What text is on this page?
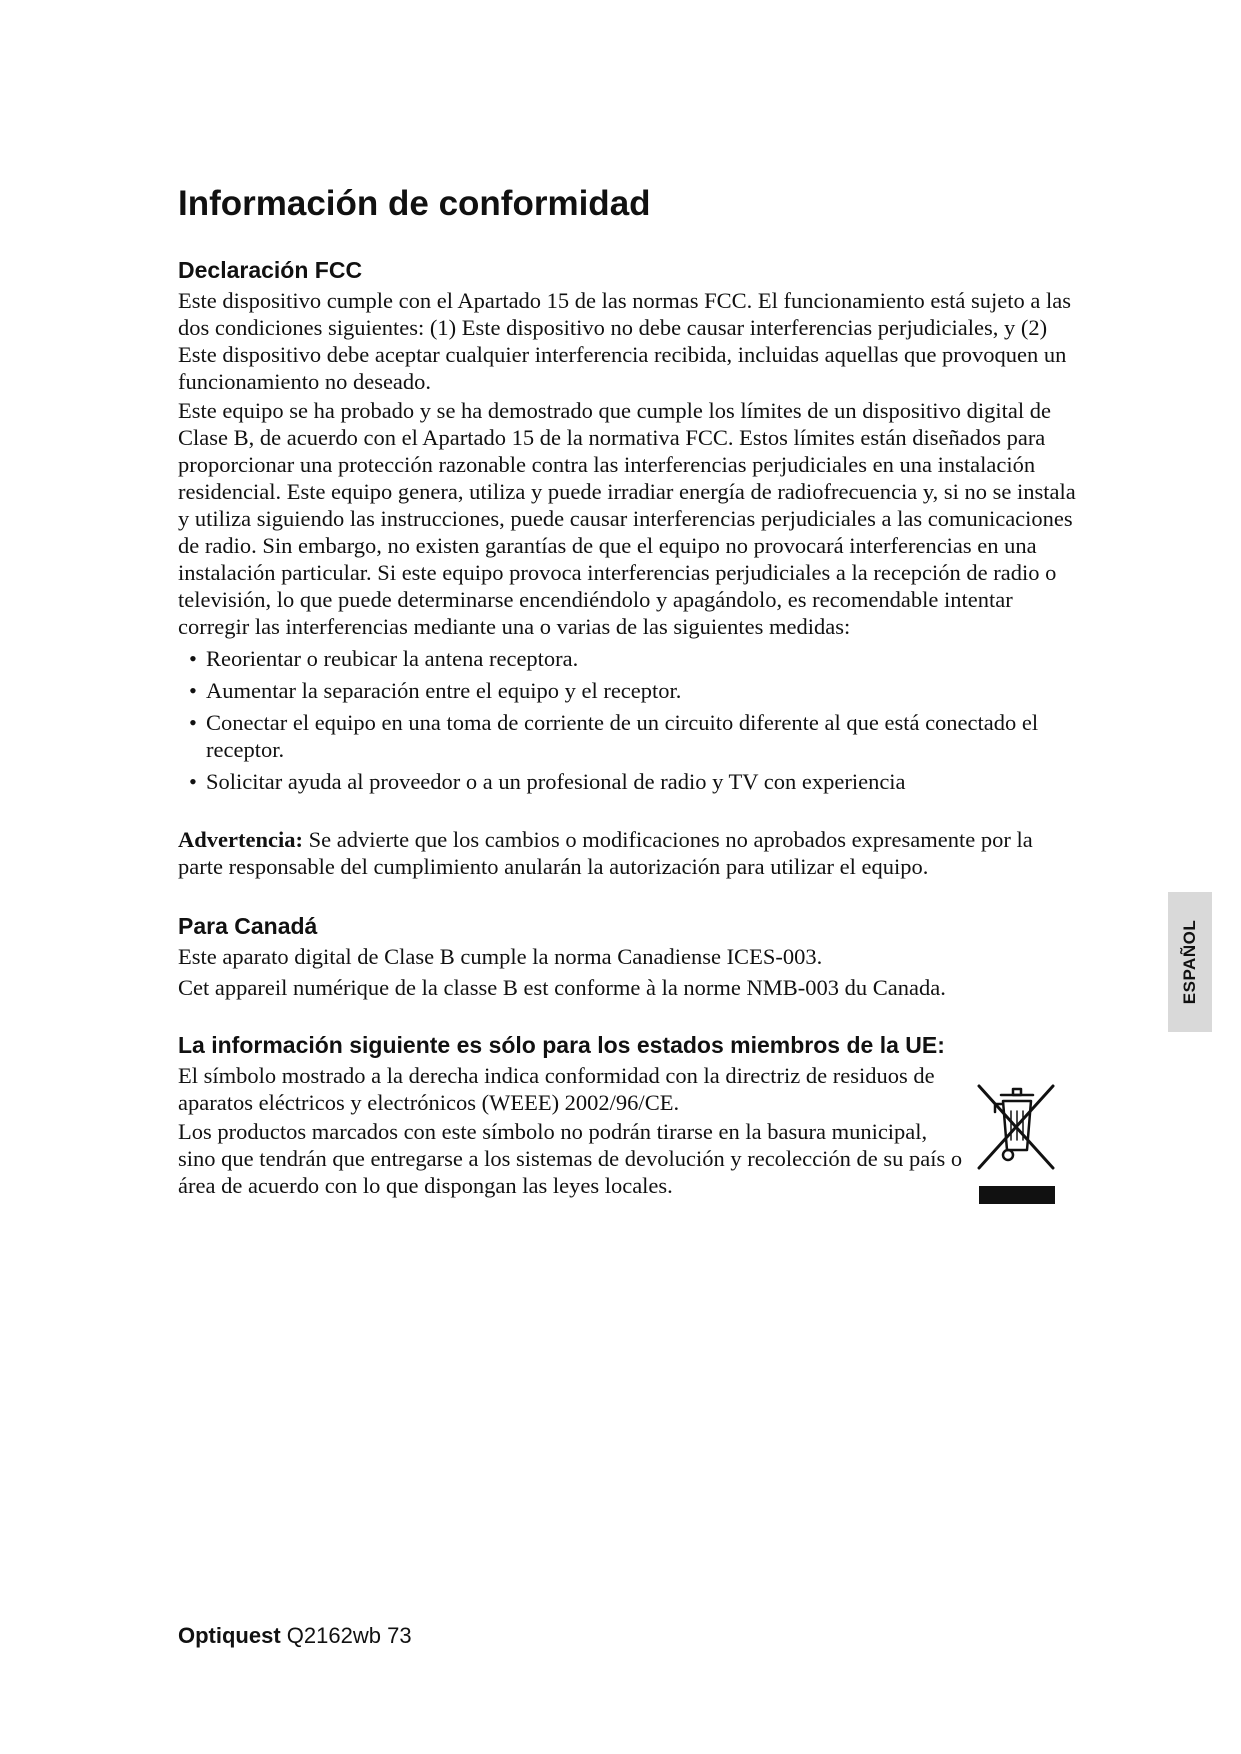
Información de conformidad
Declaración FCC

Este dispositivo cumple con el Apartado 15 de las normas FCC. El funcionamiento está sujeto a las dos condiciones siguientes: (1) Este dispositivo no debe causar interferencias perjudiciales, y (2) Este dispositivo debe aceptar cualquier interferencia recibida, incluidas aquellas que provoquen un funcionamiento no deseado.

Este equipo se ha probado y se ha demostrado que cumple los límites de un dispositivo digital de Clase B, de acuerdo con el Apartado 15 de la normativa FCC. Estos límites están diseñados para proporcionar una protección razonable contra las interferencias perjudiciales en una instalación residencial. Este equipo genera, utiliza y puede irradiar energía de radiofrecuencia y, si no se instala y utiliza siguiendo las instrucciones, puede causar interferencias perjudiciales a las comunicaciones de radio. Sin embargo, no existen garantías de que el equipo no provocará interferencias en una instalación particular. Si este equipo provoca interferencias perjudiciales a la recepción de radio o televisión, lo que puede determinarse encendiéndolo y apagándolo, es recomendable intentar corregir las interferencias mediante una o varias de las siguientes medidas:

• Reorientar o reubicar la antena receptora.
• Aumentar la separación entre el equipo y el receptor.
• Conectar el equipo en una toma de corriente de un circuito diferente al que está conectado el receptor.
• Solicitar ayuda al proveedor o a un profesional de radio y TV con experiencia

Advertencia: Se advierte que los cambios o modificaciones no aprobados expresamente por la parte responsable del cumplimiento anularán la autorización para utilizar el equipo.

Para Canadá

Este aparato digital de Clase B cumple la norma Canadiense ICES-003.

Cet appareil numérique de la classe B est conforme à la norme NMB-003 du Canada.

La información siguiente es sólo para los estados miembros de la UE:

El símbolo mostrado a la derecha indica conformidad con la directriz de residuos de aparatos eléctricos y electrónicos (WEEE) 2002/96/CE.

Los productos marcados con este símbolo no podrán tirarse en la basura municipal, sino que tendrán que entregarse a los sistemas de devolución y recolección de su país o área de acuerdo con lo que dispongan las leyes locales.

ESPAÑOL
Optiquest Q2162wb 73
